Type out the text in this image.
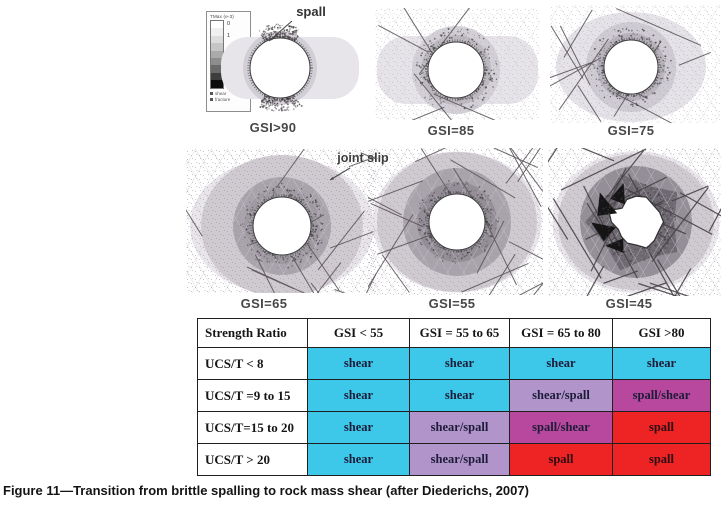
TMax (e-3)
0
1
shear
fracture
spall
joint slip
GSI>90	GSI=85	GSI=75
GSI=65	GSI=55	GSI=45
Strength Ratio	GSI < 55	GSI = 55 to 65	GSI = 65 to 80	GSI >80
UCS/T < 8	shear	shear	shear	shear
UCS/T =9 to 15	shear	shear	shear/spall	spall/shear
UCS/T=15 to 20	shear	shear/spall	spall/shear	spall
UCS/T > 20	shear	shear/spall	spall	spall
Figure 11—Transition from brittle spalling to rock mass shear (after Diederichs, 2007)
